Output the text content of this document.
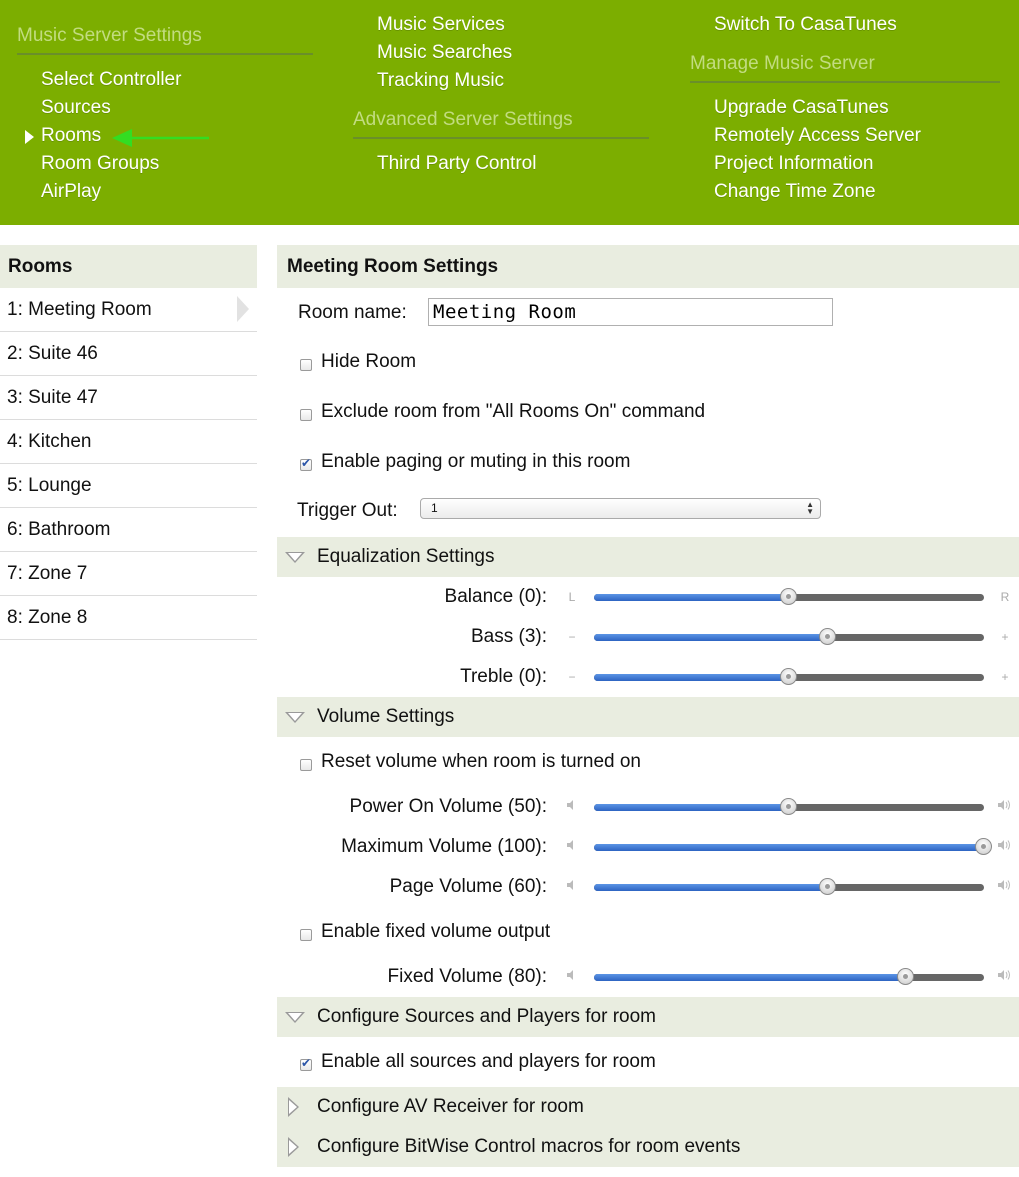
Music Server Settings
Select Controller
Sources
Rooms
Room Groups
AirPlay
Music Services
Music Searches
Tracking Music
Advanced Server Settings
Third Party Control
Switch To CasaTunes
Manage Music Server
Upgrade CasaTunes
Remotely Access Server
Project Information
Change Time Zone
Rooms
1: Meeting Room
2: Suite 46
3: Suite 47
4: Kitchen
5: Lounge
6: Bathroom
7: Zone 7
8: Zone 8
Meeting Room Settings
Room name:
Meeting Room
Hide Room
Exclude room from "All Rooms On" command
✔
Enable paging or muting in this room
Trigger Out:	1	▲
▼
Equalization Settings
Balance (0):	L	R
Bass (3):	−	+
Treble (0):	−	+
Volume Settings
Reset volume when room is turned on
Power On Volume (50):
Maximum Volume (100):
Page Volume (60):
Enable fixed volume output
Fixed Volume (80):
Configure Sources and Players for room
✔
Enable all sources and players for room
Configure AV Receiver for room
Configure BitWise Control macros for room events
